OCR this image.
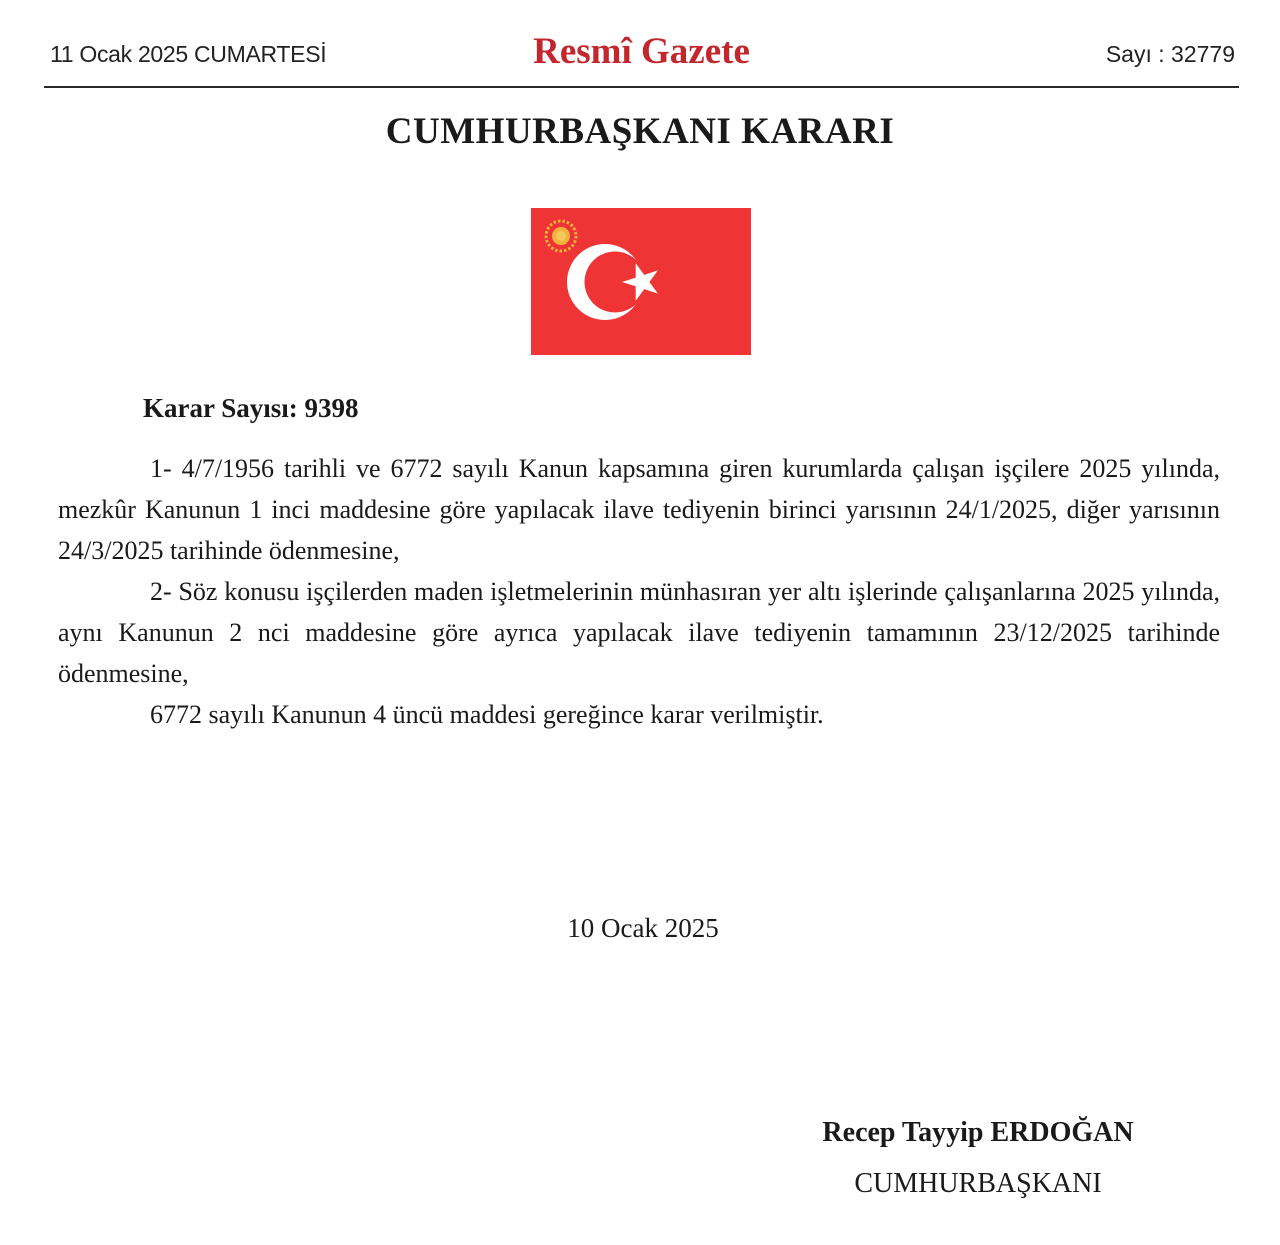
11 Ocak 2025 CUMARTESİ	Resmî Gazete	Sayı : 32779
CUMHURBAŞKANI KARARI
Karar Sayısı: 9398

1- 4/7/1956 tarihli ve 6772 sayılı Kanun kapsamına giren kurumlarda çalışan işçilere 2025 yılında, mezkûr Kanunun 1 inci maddesine göre yapılacak ilave tediyenin birinci yarısının 24/1/2025, diğer yarısının 24/3/2025 tarihinde ödenmesine,

2- Söz konusu işçilerden maden işletmelerinin münhasıran yer altı işlerinde çalışanlarına 2025 yılında, aynı Kanunun 2 nci maddesine göre ayrıca yapılacak ilave tediyenin tamamının 23/12/2025 tarihinde ödenmesine,

6772 sayılı Kanunun 4 üncü maddesi gereğince karar verilmiştir.

10 Ocak 2025
Recep Tayyip ERDOĞAN
CUMHURBAŞKANI
